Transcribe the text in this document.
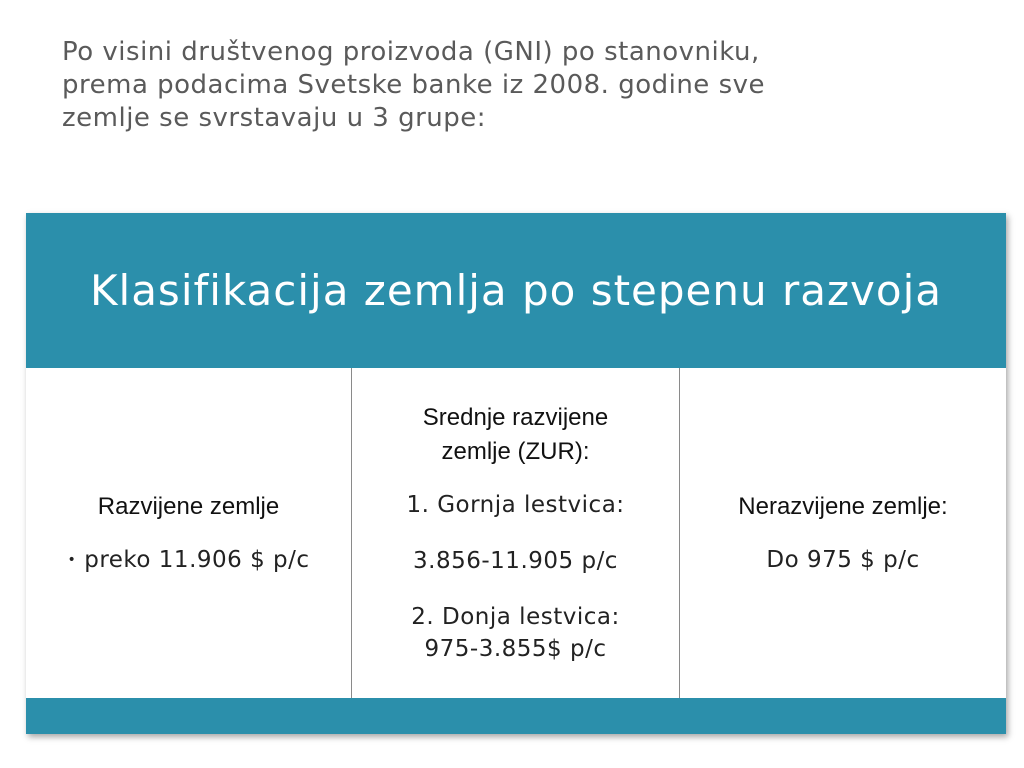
Po visini društvenog proizvoda (GNI) po stanovniku,
prema podacima Svetske banke iz 2008. godine sve
zemlje se svrstavaju u 3 grupe:
Klasifikacija zemlja po stepenu razvoja
Razvijene zemlje
• preko 11.906 $ p/c
Srednje razvijene
zemlje (ZUR):
1. Gornja lestvica:
3.856-11.905 p/c
2. Donja lestvica:
975-3.855$ p/c
Nerazvijene zemlje:
Do 975 $ p/c
